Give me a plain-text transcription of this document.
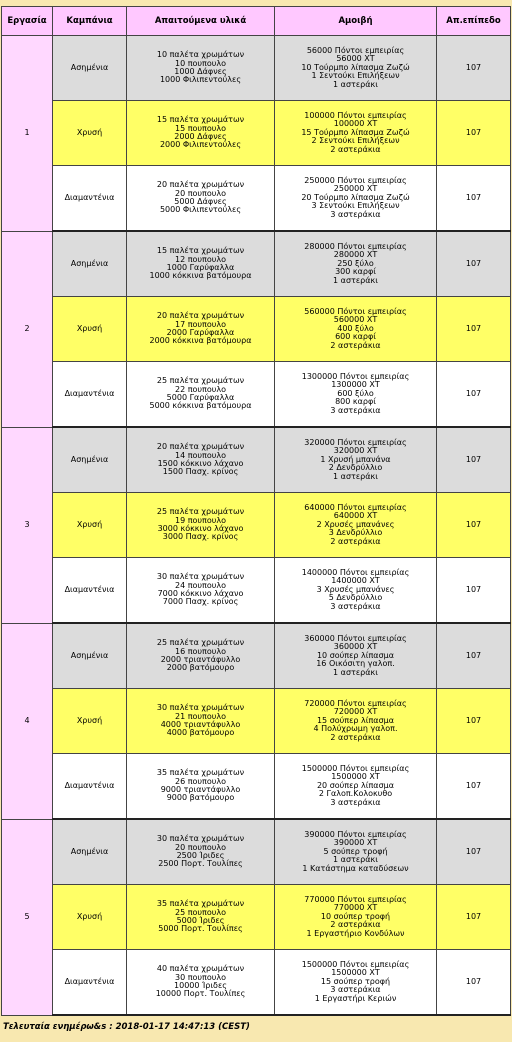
Εργασία	Καμπάνια	Απαιτούμενα υλικά	Αμοιβή	Απ.επίπεδο
1	Ασημένια	10 παλέτα χρωμάτων
10 πουπουλο
1000 Δάφνες
1000 Φιλιπεντούλες	56000 Πόντοι εμπειρίας
56000 ΧΤ
10 Τούρμπο λίπασμα Ζωζώ
1 Σεντούκι Επιλήξεων
1 αστεράκι	107
	Χρυσή	15 παλέτα χρωμάτων
15 πουπουλο
2000 Δάφνες
2000 Φιλιπεντούλες	100000 Πόντοι εμπειρίας
100000 ΧΤ
15 Τούρμπο λίπασμα Ζωζώ
2 Σεντούκι Επιλήξεων
2 αστεράκια	107
	Διαμαντένια	20 παλέτα χρωμάτων
20 πουπουλο
5000 Δάφνες
5000 Φιλιπεντούλες	250000 Πόντοι εμπειρίας
250000 ΧΤ
20 Τούρμπο λίπασμα Ζωζώ
3 Σεντούκι Επιλήξεων
3 αστεράκια	107
2	Ασημένια	15 παλέτα χρωμάτων
12 πουπουλο
1000 Γαρύφαλλα
1000 κόκκινα βατόμουρα	280000 Πόντοι εμπειρίας
280000 ΧΤ
250 ξύλο
300 καρφί
1 αστεράκι	107
	Χρυσή	20 παλέτα χρωμάτων
17 πουπουλο
2000 Γαρύφαλλα
2000 κόκκινα βατόμουρα	560000 Πόντοι εμπειρίας
560000 ΧΤ
400 ξύλο
600 καρφί
2 αστεράκια	107
	Διαμαντένια	25 παλέτα χρωμάτων
22 πουπουλο
5000 Γαρύφαλλα
5000 κόκκινα βατόμουρα	1300000 Πόντοι εμπειρίας
1300000 ΧΤ
600 ξύλο
800 καρφί
3 αστεράκια	107
3	Ασημένια	20 παλέτα χρωμάτων
14 πουπουλο
1500 κόκκινο λάχανο
1500 Πασχ. κρίνος	320000 Πόντοι εμπειρίας
320000 ΧΤ
1 Χρυσή μπανάνα
2 Δενδρύλλιο
1 αστεράκι	107
	Χρυσή	25 παλέτα χρωμάτων
19 πουπουλο
3000 κόκκινο λάχανο
3000 Πασχ. κρίνος	640000 Πόντοι εμπειρίας
640000 ΧΤ
2 Χρυσές μπανάνες
3 Δενδρύλλιο
2 αστεράκια	107
	Διαμαντένια	30 παλέτα χρωμάτων
24 πουπουλο
7000 κόκκινο λάχανο
7000 Πασχ. κρίνος	1400000 Πόντοι εμπειρίας
1400000 ΧΤ
3 Χρυσές μπανάνες
5 Δενδρύλλιο
3 αστεράκια	107
4	Ασημένια	25 παλέτα χρωμάτων
16 πουπουλο
2000 τριαντάφυλλο
2000 βατόμουρο	360000 Πόντοι εμπειρίας
360000 ΧΤ
10 σούπερ λίπασμα
16 Οικόσιτη γαλοπ.
1 αστεράκι	107
	Χρυσή	30 παλέτα χρωμάτων
21 πουπουλο
4000 τριαντάφυλλο
4000 βατόμουρο	720000 Πόντοι εμπειρίας
720000 ΧΤ
15 σούπερ λίπασμα
4 Πολύχρωμη γαλοπ.
2 αστεράκια	107
	Διαμαντένια	35 παλέτα χρωμάτων
26 πουπουλο
9000 τριαντάφυλλο
9000 βατόμουρο	1500000 Πόντοι εμπειρίας
1500000 ΧΤ
20 σούπερ λίπασμα
2 Γαλοπ.Κολοκυθο
3 αστεράκια	107
5	Ασημένια	30 παλέτα χρωμάτων
20 πουπουλο
2500 Ίριδες
2500 Πορτ. Τουλίπες	390000 Πόντοι εμπειρίας
390000 ΧΤ
5 σούπερ τροφή
1 αστεράκι
1 Κατάστημα καταδύσεων	107
	Χρυσή	35 παλέτα χρωμάτων
25 πουπουλο
5000 Ίριδες
5000 Πορτ. Τουλίπες	770000 Πόντοι εμπειρίας
770000 ΧΤ
10 σούπερ τροφή
2 αστεράκια
1 Εργαστήριο Κονδύλων	107
	Διαμαντένια	40 παλέτα χρωμάτων
30 πουπουλο
10000 Ίριδες
10000 Πορτ. Τουλίπες	1500000 Πόντοι εμπειρίας
1500000 ΧΤ
15 σούπερ τροφή
3 αστεράκια
1 Εργαστήρι Κεριών	107
Τελευταία ενημέρω&s : 2018-01-17 14:47:13 (CEST)
